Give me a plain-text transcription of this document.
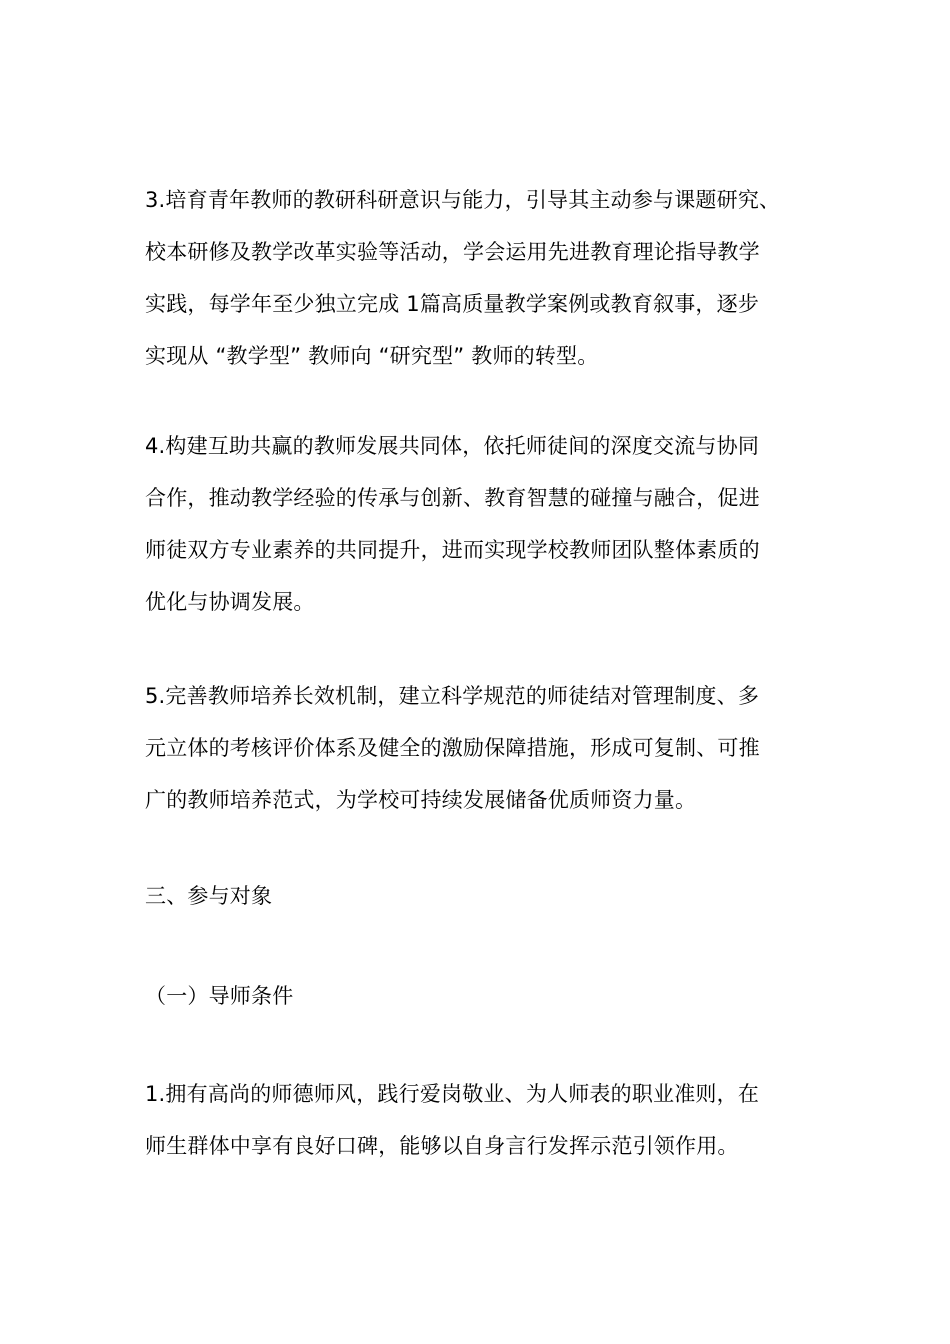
3.培育青年教师的教研科研意识与能力，引导其主动参与课题研究、
校本研修及教学改革实验等活动，学会运用先进教育理论指导教学
实践，每学年至少独立完成 1篇高质量教学案例或教育叙事，逐步
实现从 “教学型” 教师向 “研究型” 教师的转型。

4.构建互助共赢的教师发展共同体，依托师徒间的深度交流与协同
合作，推动教学经验的传承与创新、教育智慧的碰撞与融合，促进
师徒双方专业素养的共同提升，进而实现学校教师团队整体素质的
优化与协调发展。

5.完善教师培养长效机制，建立科学规范的师徒结对管理制度、多
元立体的考核评价体系及健全的激励保障措施，形成可复制、可推
广的教师培养范式，为学校可持续发展储备优质师资力量。

三、参与对象

（一）导师条件

1.拥有高尚的师德师风，践行爱岗敬业、为人师表的职业准则，在
师生群体中享有良好口碑，能够以自身言行发挥示范引领作用。
